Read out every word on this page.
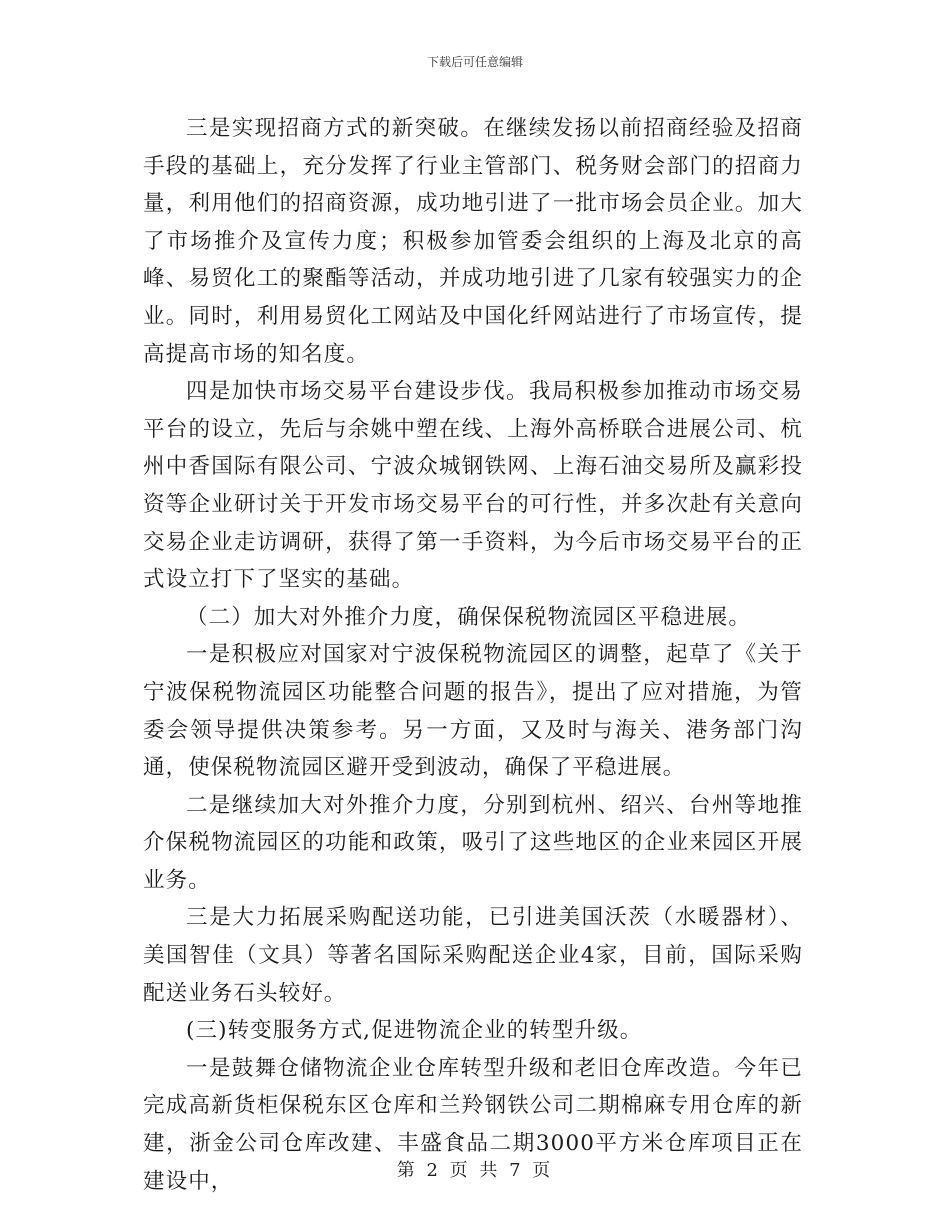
下载后可任意编辑

三是实现招商方式的新突破。在继续发扬以前招商经验及招商手段的基础上，充分发挥了行业主管部门、税务财会部门的招商力量，利用他们的招商资源，成功地引进了一批市场会员企业。加大了市场推介及宣传力度；积极参加管委会组织的上海及北京的高峰、易贸化工的聚酯等活动，并成功地引进了几家有较强实力的企业。同时，利用易贸化工网站及中国化纤网站进行了市场宣传，提高提高市场的知名度。

四是加快市场交易平台建设步伐。我局积极参加推动市场交易平台的设立，先后与余姚中塑在线、上海外高桥联合进展公司、杭州中香国际有限公司、宁波众城钢铁网、上海石油交易所及赢彩投资等企业研讨关于开发市场交易平台的可行性，并多次赴有关意向交易企业走访调研，获得了第一手资料，为今后市场交易平台的正式设立打下了坚实的基础。

（二）加大对外推介力度，确保保税物流园区平稳进展。

一是积极应对国家对宁波保税物流园区的调整，起草了《关于宁波保税物流园区功能整合问题的报告》，提出了应对措施，为管委会领导提供决策参考。另一方面，又及时与海关、港务部门沟通，使保税物流园区避开受到波动，确保了平稳进展。

二是继续加大对外推介力度，分别到杭州、绍兴、台州等地推介保税物流园区的功能和政策，吸引了这些地区的企业来园区开展业务。

三是大力拓展采购配送功能，已引进美国沃茨（水暖器材）、美国智佳（文具）等著名国际采购配送企业4家，目前，国际采购配送业务石头较好。

(三)转变服务方式,促进物流企业的转型升级。

一是鼓舞仓储物流企业仓库转型升级和老旧仓库改造。今年已完成高新货柜保税东区仓库和兰羚钢铁公司二期棉麻专用仓库的新建，浙金公司仓库改建、丰盛食品二期3000平方米仓库项目正在建设中，	第 2 页 共 7 页
